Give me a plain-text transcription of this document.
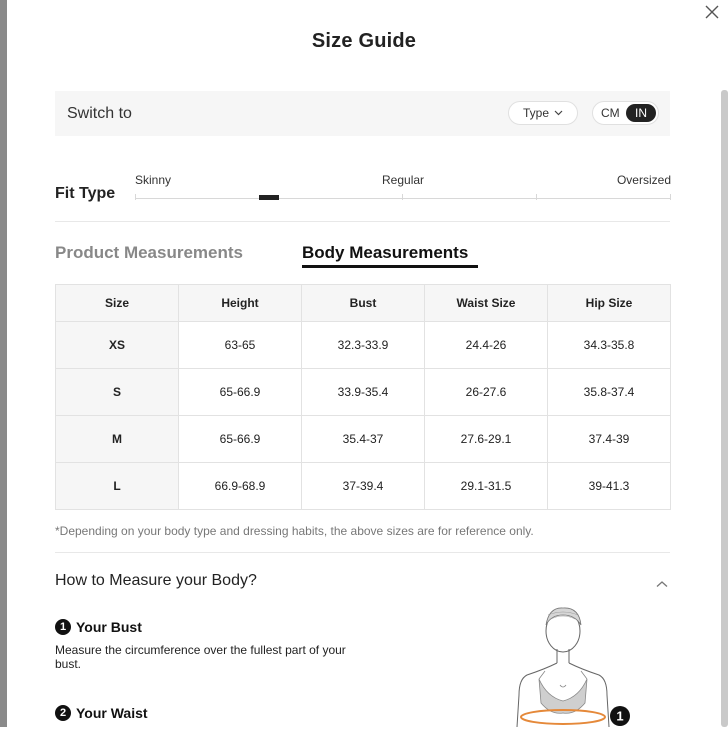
Size Guide
Switch to	Type	CM	IN
Fit Type
Skinny	Regular	Oversized
Product Measurements	Body Measurements
Size	Height	Bust	Waist Size	Hip Size
XS	63-65	32.3-33.9	24.4-26	34.3-35.8
S	65-66.9	33.9-35.4	26-27.6	35.8-37.4
M	65-66.9	35.4-37	27.6-29.1	37.4-39
L	66.9-68.9	37-39.4	29.1-31.5	39-41.3
*Depending on your body type and dressing habits, the above sizes are for reference only.
How to Measure your Body?
1 Your Bust
Measure the circumference over the fullest part of your bust.
2 Your Waist	1
